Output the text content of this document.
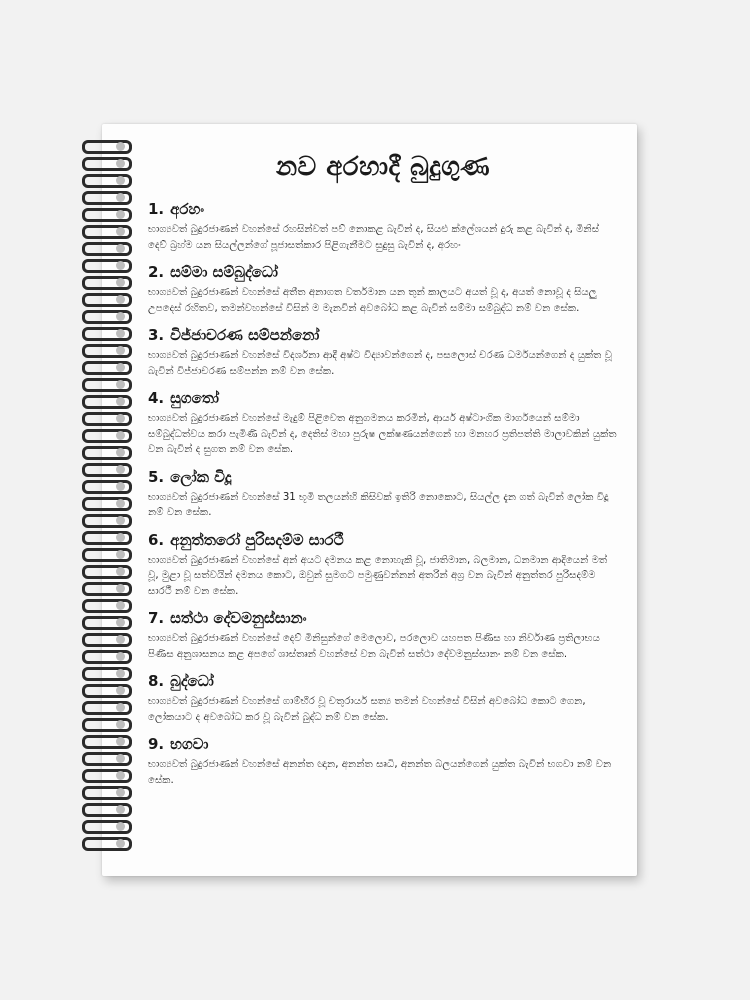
නව අරහාදී බුදුගුණ

1. අරහං

භාග්‍යවත් බුදුරජාණන් වහන්සේ රහසින්වත් පව් නොකළ බැවින් ද, සියළු ක්ලේශයන් දුරු කළ බැවින් ද, මිනිස් දෙව් බ්‍රහ්ම යන සියල්ලන්ගේ පූජාසත්කාර පිළිගැනීමට සුදුසු බැවින් ද, අරහං

2. සම්මා සම්බුද්ධෝ

භාග්‍යවත් බුදුරජාණන් වහන්සේ අතීත අනාගත වර්තමාන යන තුන් කාලයට අයත් වූ ද, අයත් නොවූ ද සියලු උපදෙස් රහිතව, තමන්වහන්සේ විසින් ම මැනවින් අවබෝධ කළ බැවින් සම්මා සම්බුද්ධ නම් වන සේක.

3. විජ්ජාචරණ සම්පන්නෝ

භාග්‍යවත් බුදුරජාණන් වහන්සේ විදර්ශනා ආදී අෂ්ට විද්‍යාවන්ගෙන් ද, පසලොස් චරණ ධර්මයන්ගෙන් ද යුක්ත වූ බැවින් විජ්ජාචරණ සම්පන්න නම් වන සේක.

4. සුගතෝ

භාග්‍යවත් බුදුරජාණන් වහන්සේ මැදුම් පිළිවෙත අනුගමනය කරමින්, ආර්ය අෂ්ටාංගික මාර්ගයෙන් සම්මා සම්බුද්ධත්වය කරා පැමිණි බැවින් ද, දෙතිස් මහා පුරුෂ ලක්ෂණයන්ගෙන් හා මනහර ප්‍රතිපත්ති මාලාවකින් යුක්ත වන බැවින් ද සුගත නම් වන සේක.

5. ලෝක විදූ

භාග්‍යවත් බුදුරජාණන් වහන්සේ 31 භූමි තලයන්හි කිසිවක් ඉතිරි නොකොට, සියල්ල දැන ගත් බැවින් ලෝක විදූ නම් වන සේක.

6. අනුත්තරෝ පුරිසදම්ම සාරථී

භාග්‍යවත් බුදුරජාණන් වහන්සේ අන් අයට දමනය කළ නොහැකි වූ, ජාතිමාන, බලමාන, ධනමාන ආදියෙන් මත් වූ, මුළා වූ සත්වයින් දමනය කොට, ඔවුන් සුමගට පමුණුවන්නන් අතරින් අග්‍ර වන බැවින් අනුත්තර පුරිසදම්ම සාරථී නම් වන සේක.

7. සත්ථා දේවමනුස්සානං

භාග්‍යවත් බුදුරජාණන් වහන්සේ දෙව් මිනිසුන්ගේ මෙලොව, පරලොව යහපත පිණිස හා නිර්වාණ ප්‍රතිලාභය පිණිස අනුශාසනය කළ අපගේ ශාස්තෘන් වහන්සේ වන බැවින් සත්ථා දේවමනුස්සානං නම් වන සේක.

8. බුද්ධෝ

භාග්‍යවත් බුදුරජාණන් වහන්සේ ගාම්භීර වූ චතුරාර්ය සත්‍ය තමන් වහන්සේ විසින් අවබෝධ කොට ගෙන, ලෝකයාට ද අවබෝධ කර වූ බැවින් බුද්ධ නම් වන සේක.

9. භගවා

භාග්‍යවත් බුදුරජාණන් වහන්සේ අනන්ත ඥාන, අනන්ත සෘධි, අනන්ත බලයන්ගෙන් යුක්ත බැවින් භගවා නම් වන සේක.
